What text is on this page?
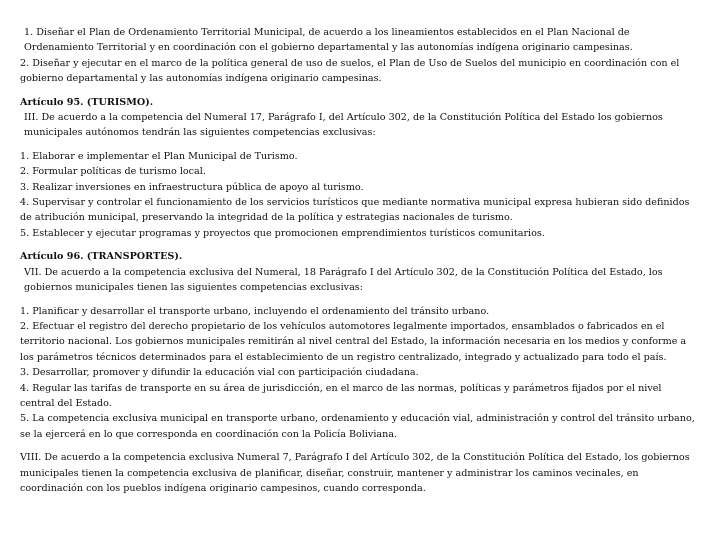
1. Diseñar el Plan de Ordenamiento Territorial Municipal, de acuerdo a los lineamientos establecidos en el Plan Nacional de Ordenamiento Territorial y en coordinación con el gobierno departamental y las autonomías indígena originario campesinas.

2. Diseñar y ejecutar en el marco de la política general de uso de suelos, el Plan de Uso de Suelos del municipio en coordinación con el gobierno departamental y las autonomías indígena originario campesinas.

Artículo 95. (TURISMO).

III. De acuerdo a la competencia del Numeral 17, Parágrafo I, del Artículo 302, de la Constitución Política del Estado los gobiernos municipales autónomos tendrán las siguientes competencias exclusivas:

1. Elaborar e implementar el Plan Municipal de Turismo.

2. Formular políticas de turismo local.

3. Realizar inversiones en infraestructura pública de apoyo al turismo.

4. Supervisar y controlar el funcionamiento de los servicios turísticos que mediante normativa municipal expresa hubieran sido definidos de atribución municipal, preservando la integridad de la política y estrategias nacionales de turismo.

5. Establecer y ejecutar programas y proyectos que promocionen emprendimientos turísticos comunitarios.

Artículo 96. (TRANSPORTES).

VII. De acuerdo a la competencia exclusiva del Numeral, 18 Parágrafo I del Artículo 302, de la Constitución Política del Estado, los gobiernos municipales tienen las siguientes competencias exclusivas:

1. Planificar y desarrollar el transporte urbano, incluyendo el ordenamiento del tránsito urbano.

2. Efectuar el registro del derecho propietario de los vehículos automotores legalmente importados, ensamblados o fabricados en el territorio nacional. Los gobiernos municipales remitirán al nivel central del Estado, la información necesaria en los medios y conforme a los parámetros técnicos determinados para el establecimiento de un registro centralizado, integrado y actualizado para todo el país.

3. Desarrollar, promover y difundir la educación vial con participación ciudadana.

4. Regular las tarifas de transporte en su área de jurisdicción, en el marco de las normas, políticas y parámetros fijados por el nivel central del Estado.

5. La competencia exclusiva municipal en transporte urbano, ordenamiento y educación vial, administración y control del tránsito urbano, se la ejercerá en lo que corresponda en coordinación con la Policía Boliviana.

VIII. De acuerdo a la competencia exclusiva Numeral 7, Parágrafo I del Artículo 302, de la Constitución Política del Estado, los gobiernos municipales tienen la competencia exclusiva de planificar, diseñar, construir, mantener y administrar los caminos vecinales, en coordinación con los pueblos indígena originario campesinos, cuando corresponda.
